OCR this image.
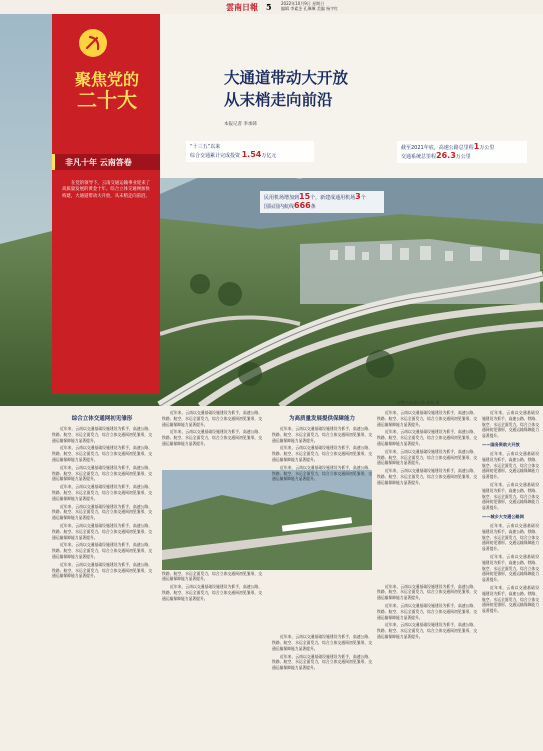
雲南日報 5 2022年10月9日 星期日
编辑 李素芝 孔琳琳 美编 杨宇红
大通道带动大开放
从末梢走向前沿
本报记者 李承韩
“十三五”以来
综合交通累计完成投资 1.54万亿元
民用机场增加到15个，新建成通用机场3个
国际国内航线666条
截至2021年底，高速公路总里程1万公里
交通系统总里程26.3万公里
聚焦党的
二十大
非凡十年 云南答卷
在党的领导下，云南交通运输事业迎来了高质量发展的黄金十年。综合立体交通网加快构建，大通道带动大开放，从末梢走向前沿。
昆楚大高速公路 杨旭 摄
综合立体交通网初见雏形
近年来，云南以交通基础设施建设为抓手，高速公路、铁路、航空、水运全面发力，综合立体交通网初见雏形，交通运输保障能力显著提升。
近年来，云南以交通基础设施建设为抓手，高速公路、铁路、航空、水运全面发力，综合立体交通网初见雏形，交通运输保障能力显著提升。
近年来，云南以交通基础设施建设为抓手，高速公路、铁路、航空、水运全面发力，综合立体交通网初见雏形，交通运输保障能力显著提升。
近年来，云南以交通基础设施建设为抓手，高速公路、铁路、航空、水运全面发力，综合立体交通网初见雏形，交通运输保障能力显著提升。
近年来，云南以交通基础设施建设为抓手，高速公路、铁路、航空、水运全面发力，综合立体交通网初见雏形，交通运输保障能力显著提升。
近年来，云南以交通基础设施建设为抓手，高速公路、铁路、航空、水运全面发力，综合立体交通网初见雏形，交通运输保障能力显著提升。
近年来，云南以交通基础设施建设为抓手，高速公路、铁路、航空、水运全面发力，综合立体交通网初见雏形，交通运输保障能力显著提升。
近年来，云南以交通基础设施建设为抓手，高速公路、铁路、航空、水运全面发力，综合立体交通网初见雏形，交通运输保障能力显著提升。
近年来，云南以交通基础设施建设为抓手，高速公路、铁路、航空、水运全面发力，综合立体交通网初见雏形，交通运输保障能力显著提升。
近年来，云南以交通基础设施建设为抓手，高速公路、铁路、航空、水运全面发力，综合立体交通网初见雏形，交通运输保障能力显著提升。
铁路、航空、水运全面发力，综合立体交通网初见雏形，交通运输保障能力显著提升。
近年来，云南以交通基础设施建设为抓手，高速公路、铁路、航空、水运全面发力，综合立体交通网初见雏形，交通运输保障能力显著提升。
为高质量发展提供保障能力
近年来，云南以交通基础设施建设为抓手，高速公路、铁路、航空、水运全面发力，综合立体交通网初见雏形，交通运输保障能力显著提升。
近年来，云南以交通基础设施建设为抓手，高速公路、铁路、航空、水运全面发力，综合立体交通网初见雏形，交通运输保障能力显著提升。
近年来，云南以交通基础设施建设为抓手，高速公路、铁路、航空、水运全面发力，综合立体交通网初见雏形，交通运输保障能力显著提升。
近年来，云南以交通基础设施建设为抓手，高速公路、铁路、航空、水运全面发力，综合立体交通网初见雏形，交通运输保障能力显著提升。
近年来，云南以交通基础设施建设为抓手，高速公路、铁路、航空、水运全面发力，综合立体交通网初见雏形，交通运输保障能力显著提升。
近年来，云南以交通基础设施建设为抓手，高速公路、铁路、航空、水运全面发力，综合立体交通网初见雏形，交通运输保障能力显著提升。
近年来，云南以交通基础设施建设为抓手，高速公路、铁路、航空、水运全面发力，综合立体交通网初见雏形，交通运输保障能力显著提升。
近年来，云南以交通基础设施建设为抓手，高速公路、铁路、航空、水运全面发力，综合立体交通网初见雏形，交通运输保障能力显著提升。
近年来，云南以交通基础设施建设为抓手，高速公路、铁路、航空、水运全面发力，综合立体交通网初见雏形，交通运输保障能力显著提升。
近年来，云南以交通基础设施建设为抓手，高速公路、铁路、航空、水运全面发力，综合立体交通网初见雏形，交通运输保障能力显著提升。
近年来，云南以交通基础设施建设为抓手，高速公路、铁路、航空、水运全面发力，综合立体交通网初见雏形，交通运输保障能力显著提升。
近年来，云南以交通基础设施建设为抓手，高速公路、铁路、航空、水运全面发力，综合立体交通网初见雏形，交通运输保障能力显著提升。
近年来，云南以交通基础设施建设为抓手，高速公路、铁路、航空、水运全面发力，综合立体交通网初见雏形，交通运输保障能力显著提升。
——国务资助大开放
近年来，云南以交通基础设施建设为抓手，高速公路、铁路、航空、水运全面发力，综合立体交通网初见雏形，交通运输保障能力显著提升。
近年来，云南以交通基础设施建设为抓手，高速公路、铁路、航空、水运全面发力，综合立体交通网初见雏形，交通运输保障能力显著提升。
——城乡大交通公路网
近年来，云南以交通基础设施建设为抓手，高速公路、铁路、航空、水运全面发力，综合立体交通网初见雏形，交通运输保障能力显著提升。
近年来，云南以交通基础设施建设为抓手，高速公路、铁路、航空、水运全面发力，综合立体交通网初见雏形，交通运输保障能力显著提升。
近年来，云南以交通基础设施建设为抓手，高速公路、铁路、航空、水运全面发力，综合立体交通网初见雏形，交通运输保障能力显著提升。
